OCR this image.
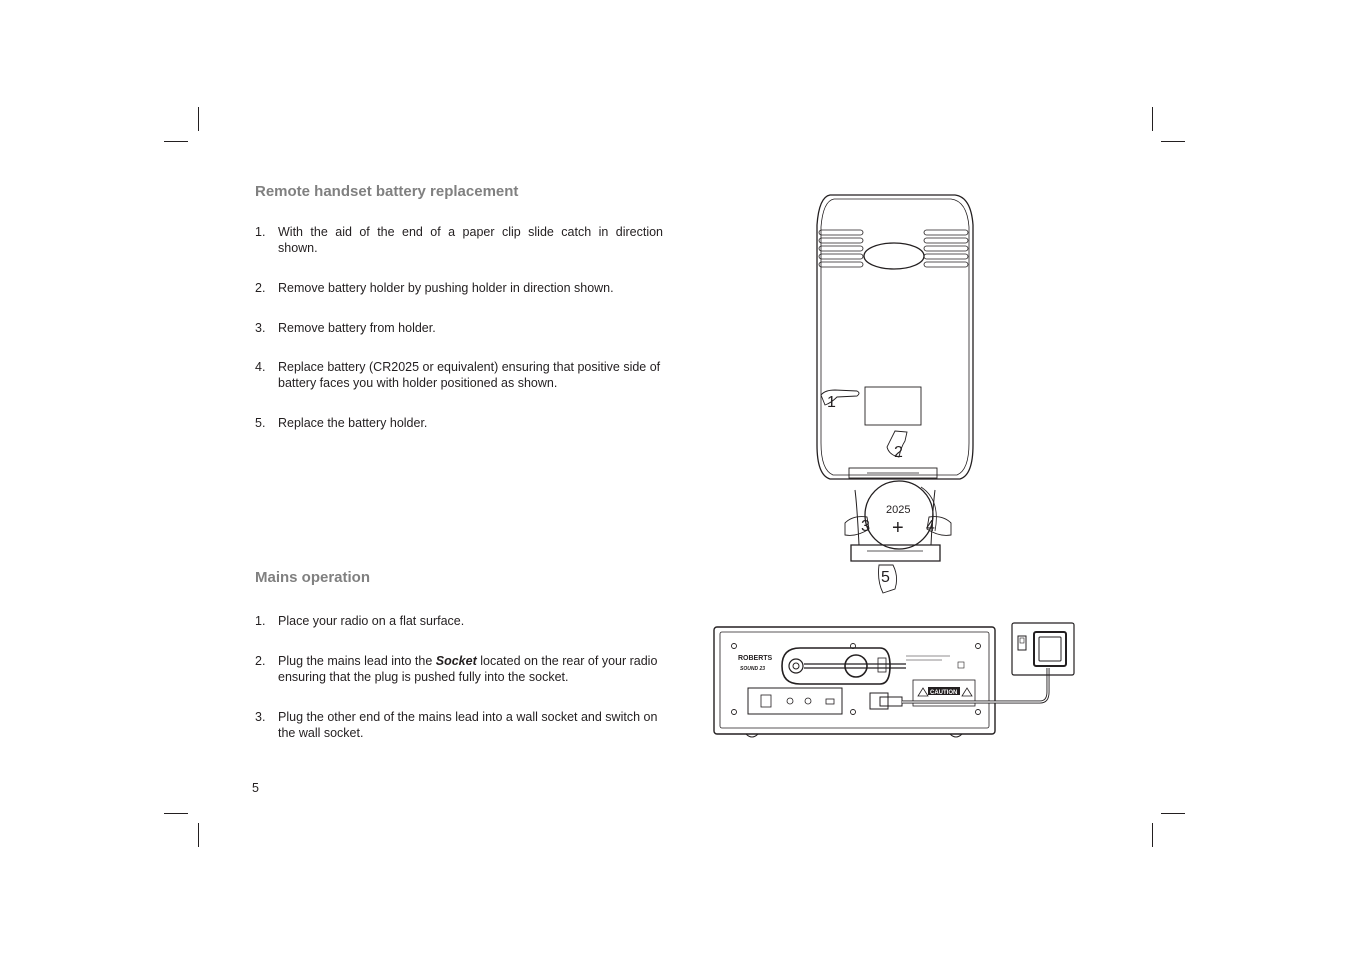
Remote handset battery replacement
1. With the aid of the end of a paper clip slide catch in direction
shown.
2. Remove battery holder by pushing holder in direction shown.
3. Remove battery from holder.
4. Replace battery (CR2025 or equivalent) ensuring that positive side of battery faces you with holder positioned as shown.
5. Replace the battery holder.
Mains operation
1. Place your radio on a flat surface.
2. Plug the mains lead into the Socket located on the rear of your radio ensuring that the plug is pushed fully into the socket.
3. Plug the other end of the mains lead into a wall socket and switch on the wall socket.
5
1
2
2025
+
3	4
5
ROBERTS
SOUND 23
CAUTION
